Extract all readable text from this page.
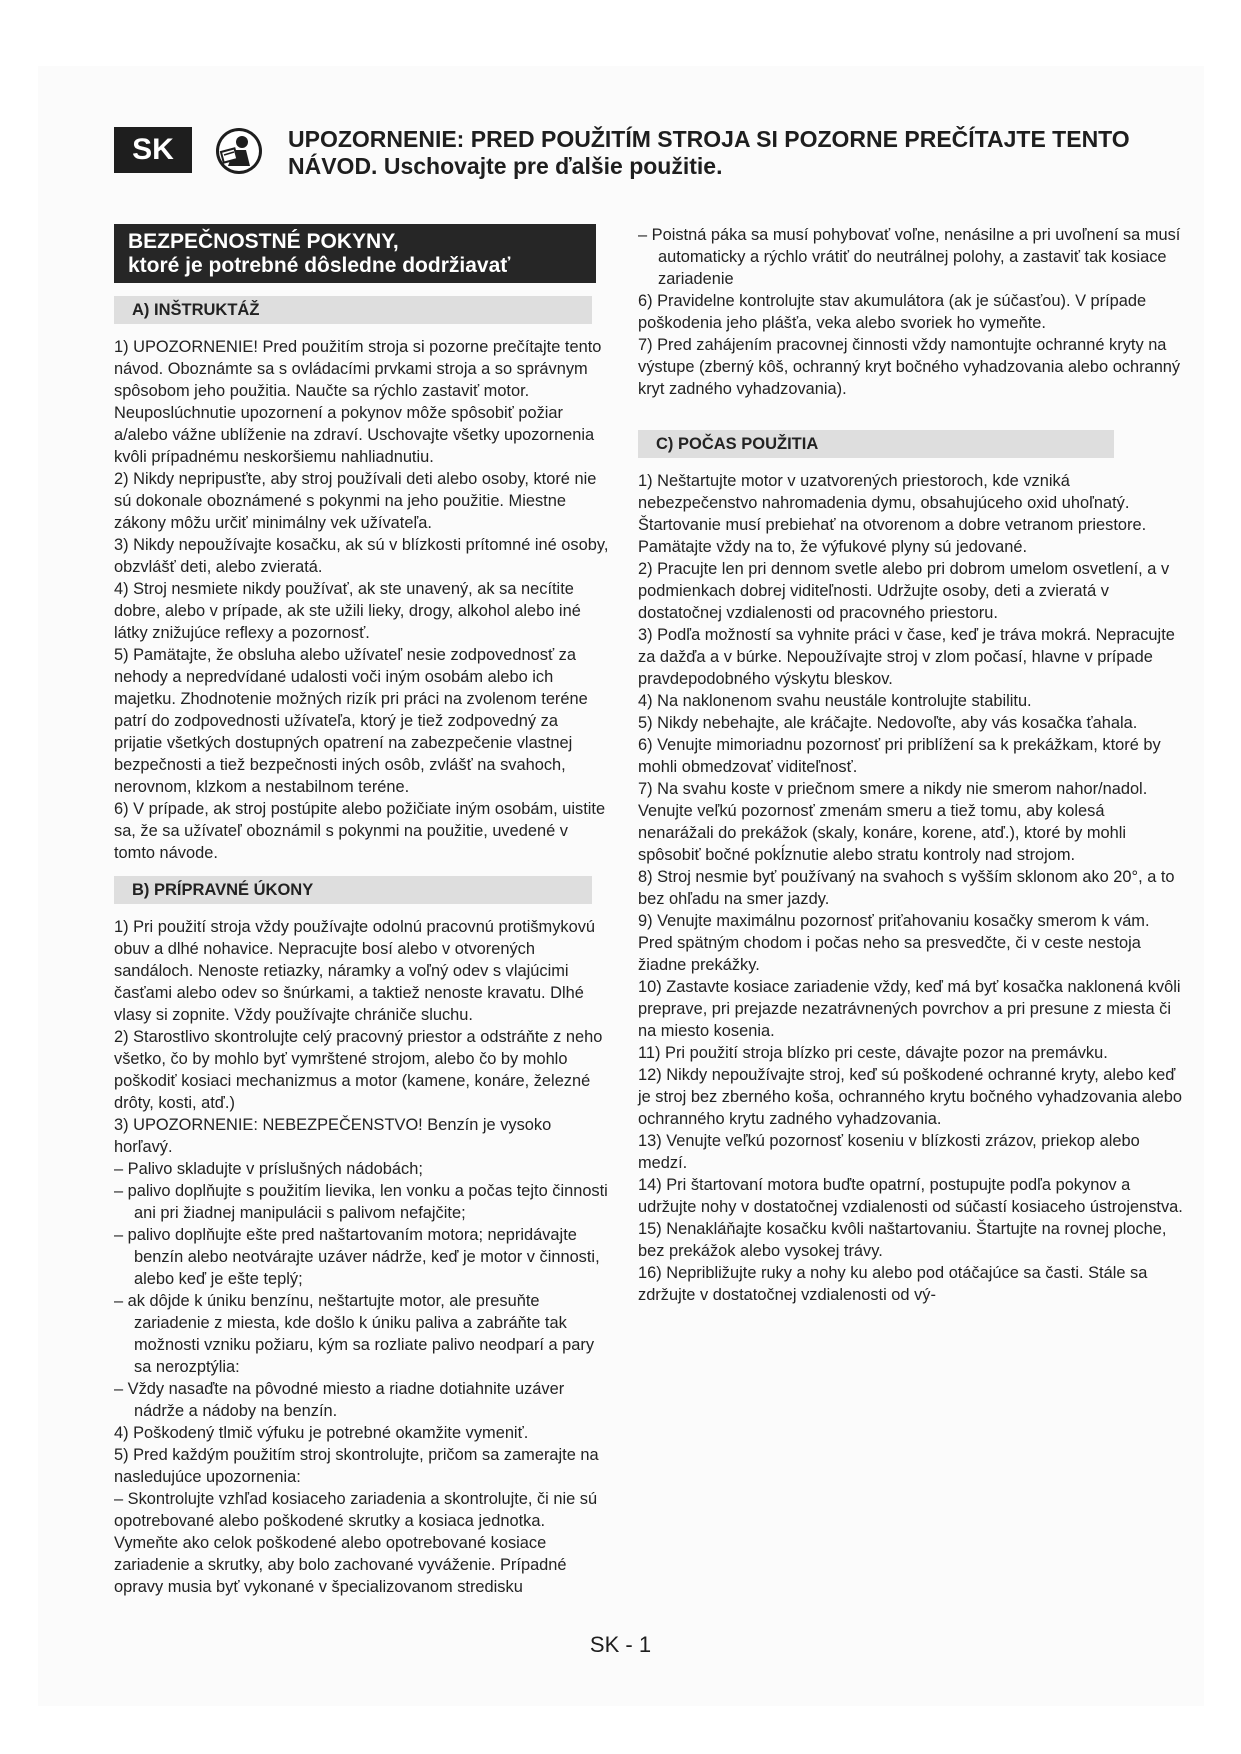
SK	UPOZORNENIE: PRED POUŽITÍM STROJA SI POZORNE PREČÍTAJTE TENTO
NÁVOD. Uschovajte pre ďalšie použitie.
BEZPEČNOSTNÉ POKYNY,
ktoré je potrebné dôsledne dodržiavať
A) INŠTRUKTÁŽ

1) UPOZORNENIE! Pred použitím stroja si pozorne prečítajte tento návod. Oboznámte sa s ovládacími prvkami stroja a so správnym spôsobom jeho použitia. Naučte sa rýchlo zastaviť motor. Neuposlúchnutie upozornení a pokynov môže spôsobiť požiar a/alebo vážne ublíženie na zdraví. Uschovajte všetky upozornenia kvôli prípadnému neskoršiemu nahliadnutiu.

2) Nikdy nepripusťte, aby stroj používali deti alebo osoby, ktoré nie sú dokonale oboznámené s pokynmi na jeho použitie. Miestne zákony môžu určiť minimálny vek užívateľa.

3) Nikdy nepoužívajte kosačku, ak sú v blízkosti prítomné iné osoby, obzvlášť deti, alebo zvieratá.

4) Stroj nesmiete nikdy používať, ak ste unavený, ak sa necítite dobre, alebo v prípade, ak ste užili lieky, drogy, alkohol alebo iné látky znižujúce reflexy a pozornosť.

5) Pamätajte, že obsluha alebo užívateľ nesie zodpovednosť za nehody a nepredvídané udalosti voči iným osobám alebo ich majetku. Zhodnotenie možných rizík pri práci na zvolenom teréne patrí do zodpovednosti užívateľa, ktorý je tiež zodpovedný za prijatie všetkých dostupných opatrení na zabezpečenie vlastnej bezpečnosti a tiež bezpečnosti iných osôb, zvlášť na svahoch, nerovnom, klzkom a nestabilnom teréne.

6) V prípade, ak stroj postúpite alebo požičiate iným osobám, uistite sa, že sa užívateľ oboznámil s pokynmi na použitie, uvedené v tomto návode.

B) PRÍPRAVNÉ ÚKONY

1) Pri použití stroja vždy používajte odolnú pracovnú protišmykovú obuv a dlhé nohavice. Nepracujte bosí alebo v otvorených sandáloch. Nenoste retiazky, náramky a voľný odev s vlajúcimi časťami alebo odev so šnúrkami, a taktiež nenoste kravatu. Dlhé vlasy si zopnite. Vždy používajte chrániče sluchu.

2) Starostlivo skontrolujte celý pracovný priestor a odstráňte z neho všetko, čo by mohlo byť vymrštené strojom, alebo čo by mohlo poškodiť kosiaci mechanizmus a motor (kamene, konáre, železné drôty, kosti, atď.)

3) UPOZORNENIE: NEBEZPEČENSTVO! Benzín je vysoko horľavý.

– Palivo skladujte v príslušných nádobách;

– palivo doplňujte s použitím lievika, len vonku a počas tejto činnosti ani pri žiadnej manipulácii s palivom nefajčite;

– palivo doplňujte ešte pred naštartovaním motora; nepridávajte benzín alebo neotvárajte uzáver nádrže, keď je motor v činnosti, alebo keď je ešte teplý;

– ak dôjde k úniku benzínu, neštartujte motor, ale presuňte zariadenie z miesta, kde došlo k úniku paliva a zabráňte tak možnosti vzniku požiaru, kým sa rozliate palivo neodparí a pary sa nerozptýlia:

– Vždy nasaďte na pôvodné miesto a riadne dotiahnite uzáver nádrže a nádoby na benzín.

4) Poškodený tlmič výfuku je potrebné okamžite vymeniť.

5) Pred každým použitím stroj skontrolujte, pričom sa zamerajte na nasledujúce upozornenia:

– Skontrolujte vzhľad kosiaceho zariadenia a skontrolujte, či nie sú opotrebované alebo poškodené skrutky a kosiaca jednotka. Vymeňte ako celok poškodené alebo opotrebované kosiace zariadenie a skrutky, aby bolo zachované vyváženie. Prípadné opravy musia byť vykonané v špecializovanom stredisku

– Poistná páka sa musí pohybovať voľne, nenásilne a pri uvoľnení sa musí automaticky a rýchlo vrátiť do neutrálnej polohy, a zastaviť tak kosiace zariadenie

6) Pravidelne kontrolujte stav akumulátora (ak je súčasťou). V prípade poškodenia jeho plášťa, veka alebo svoriek ho vymeňte.

7) Pred zahájením pracovnej činnosti vždy namontujte ochranné kryty na výstupe (zberný kôš, ochranný kryt bočného vyhadzovania alebo ochranný kryt zadného vyhadzovania).

C) POČAS POUŽITIA

1) Neštartujte motor v uzatvorených priestoroch, kde vzniká nebezpečenstvo nahromadenia dymu, obsahujúceho oxid uhoľnatý. Štartovanie musí prebiehať na otvorenom a dobre vetranom priestore. Pamätajte vždy na to, že výfukové plyny sú jedované.

2) Pracujte len pri dennom svetle alebo pri dobrom umelom osvetlení, a v podmienkach dobrej viditeľnosti. Udržujte osoby, deti a zvieratá v dostatočnej vzdialenosti od pracovného priestoru.

3) Podľa možností sa vyhnite práci v čase, keď je tráva mokrá. Nepracujte za dažďa a v búrke. Nepoužívajte stroj v zlom počasí, hlavne v prípade pravdepodobného výskytu bleskov.

4) Na naklonenom svahu neustále kontrolujte stabilitu.

5) Nikdy nebehajte, ale kráčajte. Nedovoľte, aby vás kosačka ťahala.

6) Venujte mimoriadnu pozornosť pri priblížení sa k prekážkam, ktoré by mohli obmedzovať viditeľnosť.

7) Na svahu koste v priečnom smere a nikdy nie smerom nahor/nadol. Venujte veľkú pozornosť zmenám smeru a tiež tomu, aby kolesá nenarážali do prekážok (skaly, konáre, korene, atď.), ktoré by mohli spôsobiť bočné pokĺznutie alebo stratu kontroly nad strojom.

8) Stroj nesmie byť používaný na svahoch s vyšším sklonom ako 20°, a to bez ohľadu na smer jazdy.

9) Venujte maximálnu pozornosť priťahovaniu kosačky smerom k vám. Pred spätným chodom i počas neho sa presvedčte, či v ceste nestoja žiadne prekážky.

10) Zastavte kosiace zariadenie vždy, keď má byť kosačka naklonená kvôli preprave, pri prejazde nezatrávnených povrchov a pri presune z miesta či na miesto kosenia.

11) Pri použití stroja blízko pri ceste, dávajte pozor na premávku.

12) Nikdy nepoužívajte stroj, keď sú poškodené ochranné kryty, alebo keď je stroj bez zberného koša, ochranného krytu bočného vyhadzovania alebo ochranného krytu zadného vyhadzovania.

13) Venujte veľkú pozornosť koseniu v blízkosti zrázov, priekop alebo medzí.

14) Pri štartovaní motora buďte opatrní, postupujte podľa pokynov a udržujte nohy v dostatočnej vzdialenosti od súčastí kosiaceho ústrojenstva.

15) Nenakláňajte kosačku kvôli naštartovaniu. Štartujte na rovnej ploche, bez prekážok alebo vysokej trávy.

16) Nepribližujte ruky a nohy ku alebo pod otáčajúce sa časti. Stále sa zdržujte v dostatočnej vzdialenosti od vý-

SK - 1
